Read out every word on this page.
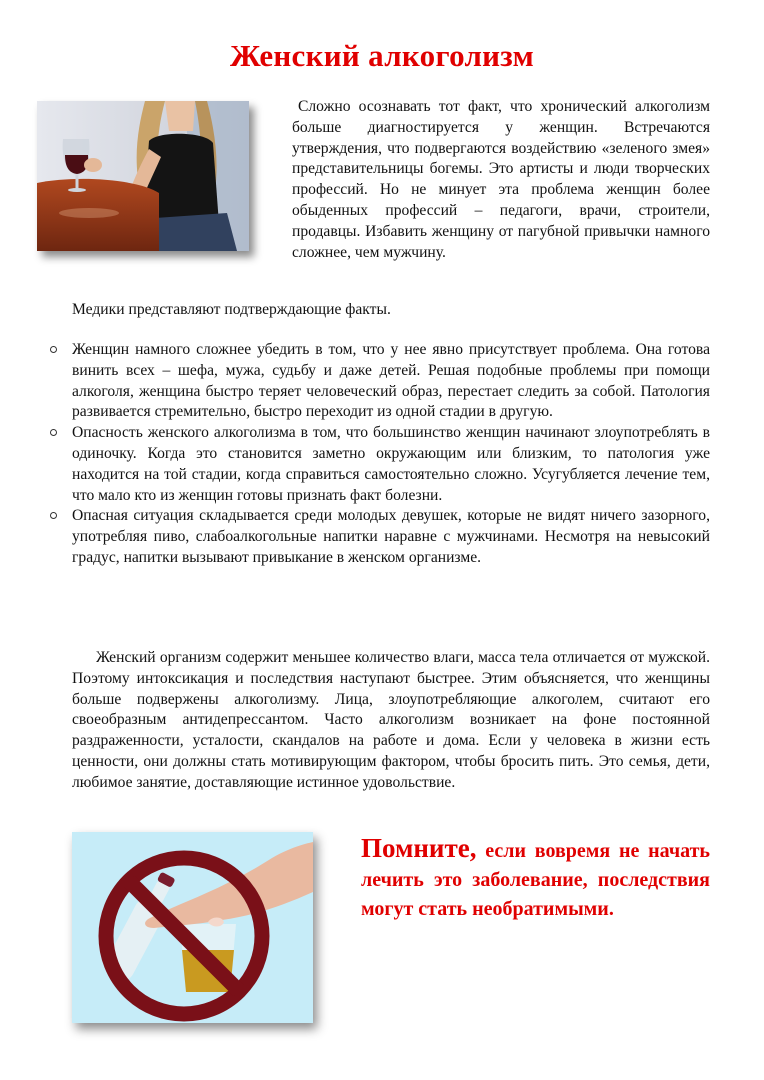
Женский алкоголизм
Сложно осознавать тот факт, что хронический алкоголизм больше диагностируется у женщин. Встречаются утверждения, что подвергаются воздействию «зеленого змея» представительницы богемы. Это артисты и люди творческих профессий. Но не минует эта проблема женщин более обыденных профессий – педагоги, врачи, строители, продавцы. Избавить женщину от пагубной привычки намного сложнее, чем мужчину.
Медики представляют подтверждающие факты.
Женщин намного сложнее убедить в том, что у нее явно присутствует проблема. Она готова винить всех – шефа, мужа, судьбу и даже детей. Решая подобные проблемы при помощи алкоголя, женщина быстро теряет человеческий образ, перестает следить за собой. Патология развивается стремительно, быстро переходит из одной стадии в другую.
Опасность женского алкоголизма в том, что большинство женщин начинают злоупотреблять в одиночку. Когда это становится заметно окружающим или близким, то патология уже находится на той стадии, когда справиться самостоятельно сложно. Усугубляется лечение тем, что мало кто из женщин готовы признать факт болезни.
Опасная ситуация складывается среди молодых девушек, которые не видят ничего зазорного, употребляя пиво, слабоалкогольные напитки наравне с мужчинами. Несмотря на невысокий градус, напитки вызывают привыкание в женском организме.
Женский организм содержит меньшее количество влаги, масса тела отличается от мужской. Поэтому интоксикация и последствия наступают быстрее. Этим объясняется, что женщины больше подвержены алкоголизму. Лица, злоупотребляющие алкоголем, считают его своеобразным антидепрессантом. Часто алкоголизм возникает на фоне постоянной раздраженности, усталости, скандалов на работе и дома. Если у человека в жизни есть ценности, они должны стать мотивирующим фактором, чтобы бросить пить. Это семья, дети, любимое занятие, доставляющие истинное удовольствие.
Помните, если вовремя не начать лечить это заболевание, последствия могут стать необратимыми.
